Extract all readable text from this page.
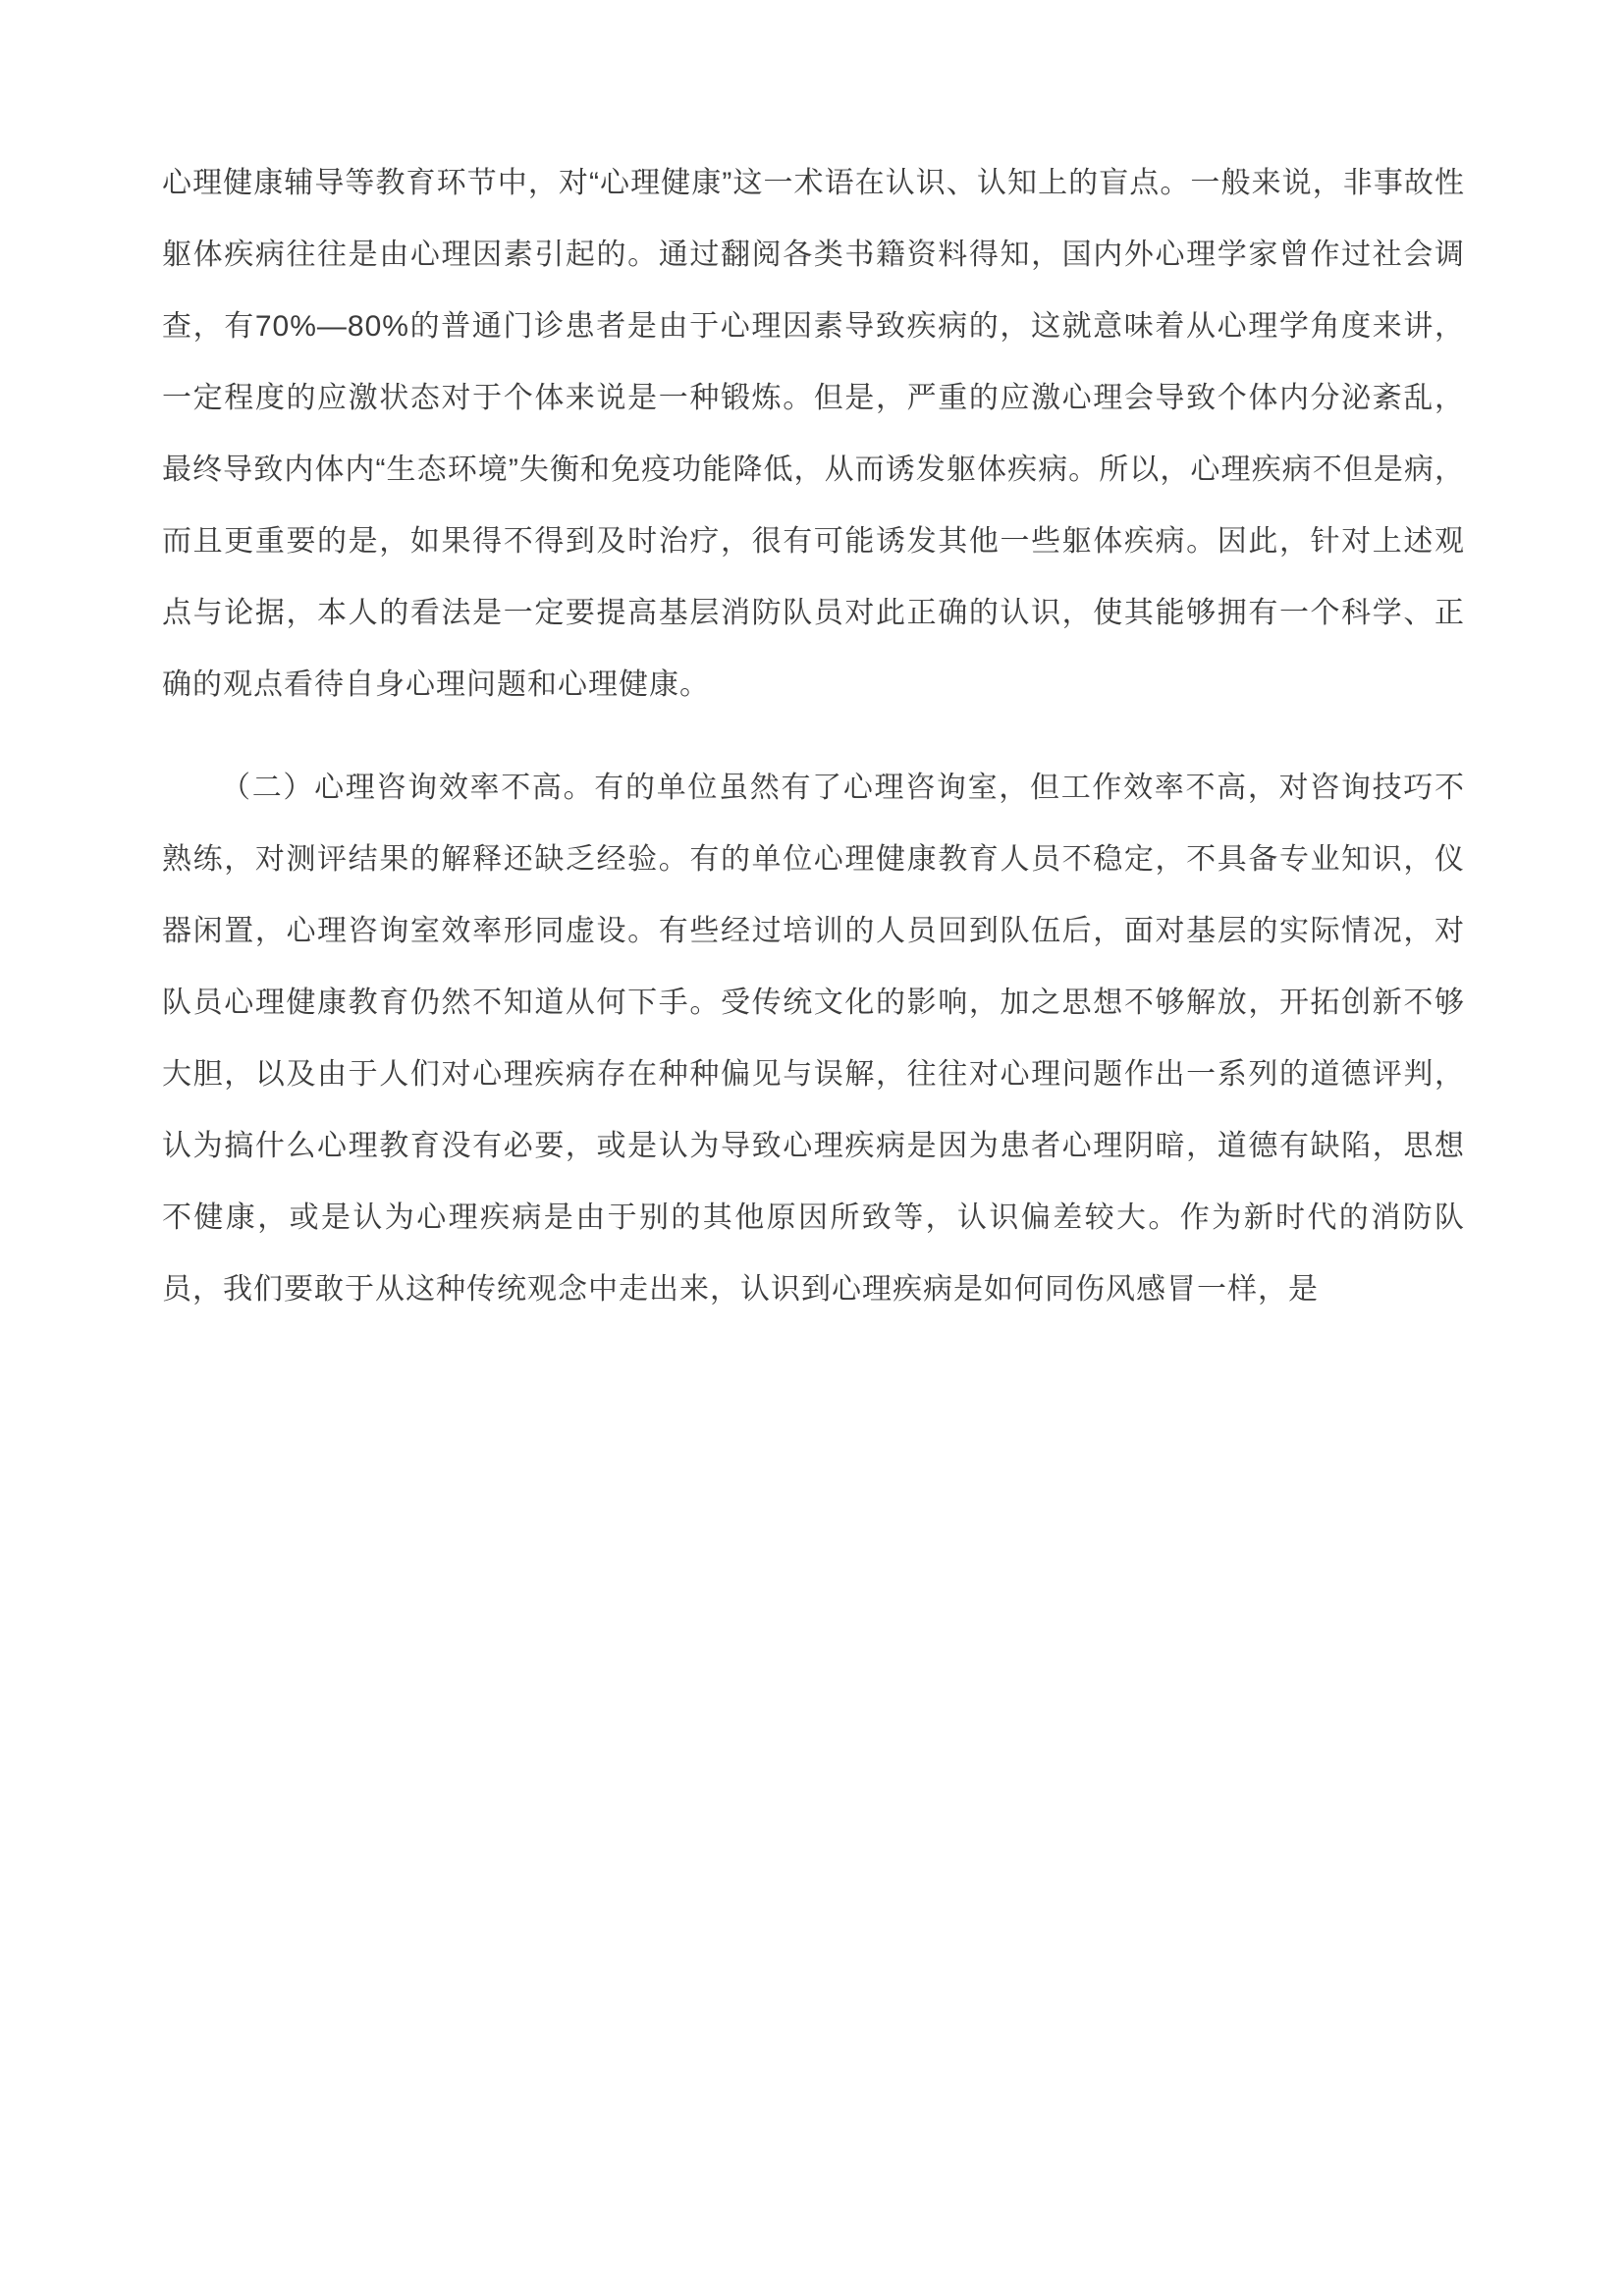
心理健康辅导等教育环节中，对“心理健康”这一术语在认识、认知上的盲点。一般来说，非事故性躯体疾病往往是由心理因素引起的。通过翻阅各类书籍资料得知，国内外心理学家曾作过社会调查，有70%—80%的普通门诊患者是由于心理因素导致疾病的，这就意味着从心理学角度来讲，一定程度的应激状态对于个体来说是一种锻炼。但是，严重的应激心理会导致个体内分泌紊乱，最终导致内体内“生态环境”失衡和免疫功能降低，从而诱发躯体疾病。所以，心理疾病不但是病，而且更重要的是，如果得不得到及时治疗，很有可能诱发其他一些躯体疾病。因此，针对上述观点与论据，本人的看法是一定要提高基层消防队员对此正确的认识，使其能够拥有一个科学、正确的观点看待自身心理问题和心理健康。

（二）心理咨询效率不高。有的单位虽然有了心理咨询室，但工作效率不高，对咨询技巧不熟练，对测评结果的解释还缺乏经验。有的单位心理健康教育人员不稳定，不具备专业知识，仪器闲置，心理咨询室效率形同虚设。有些经过培训的人员回到队伍后，面对基层的实际情况，对队员心理健康教育仍然不知道从何下手。受传统文化的影响，加之思想不够解放，开拓创新不够大胆，以及由于人们对心理疾病存在种种偏见与误解，往往对心理问题作出一系列的道德评判，认为搞什么心理教育没有必要，或是认为导致心理疾病是因为患者心理阴暗，道德有缺陷，思想不健康，或是认为心理疾病是由于别的其他原因所致等，认识偏差较大。作为新时代的消防队员，我们要敢于从这种传统观念中走出来，认识到心理疾病是如何同伤风感冒一样，是
